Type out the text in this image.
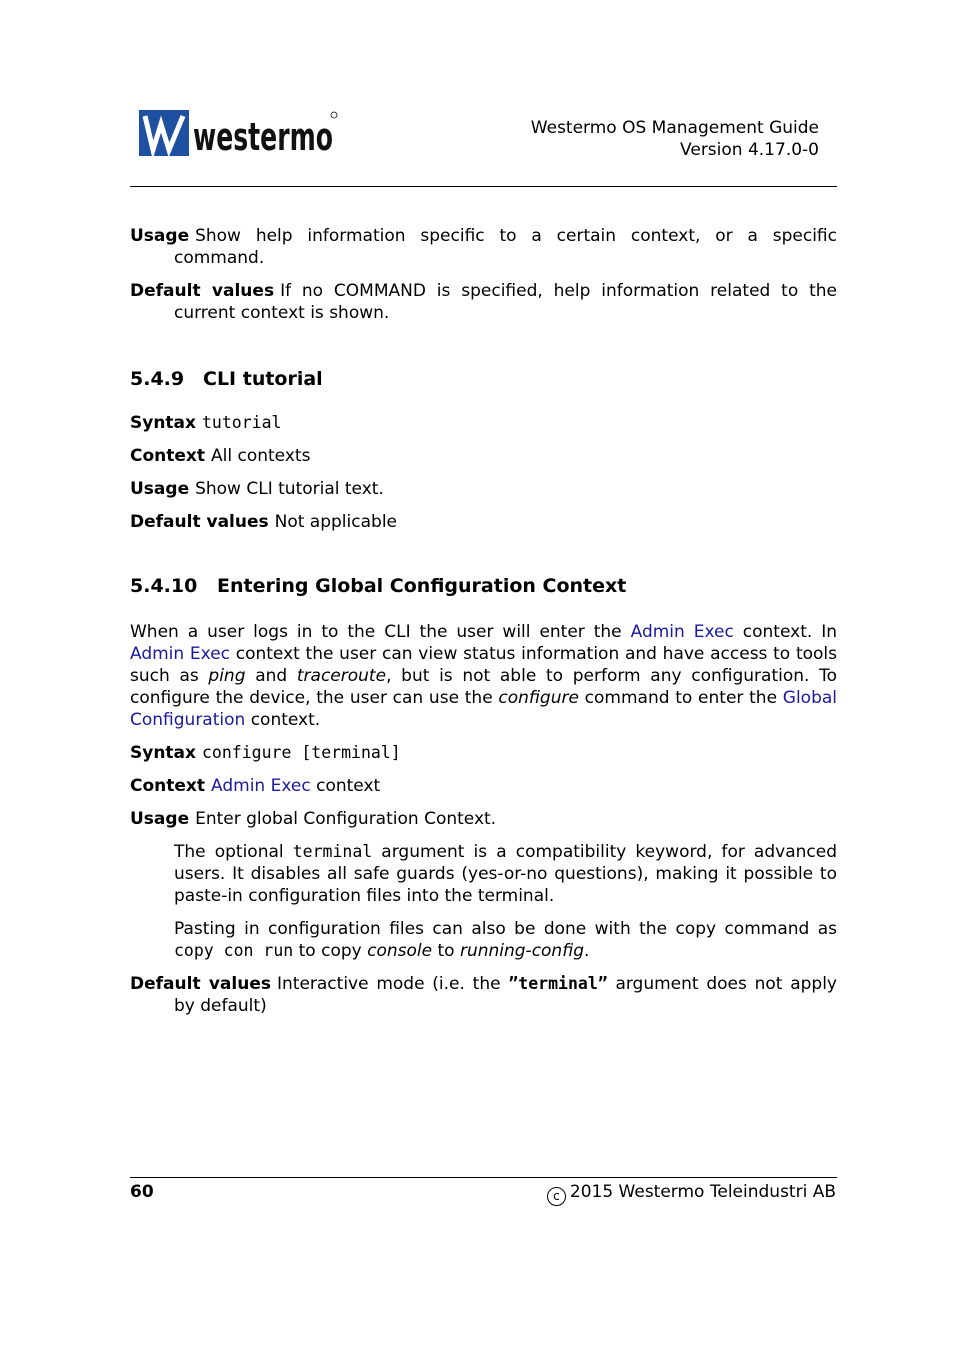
westermo	Westermo OS Management Guide
Version 4.17.0-0

Usage Show help information specific to a certain context, or a specific command.

Default values If no COMMAND is specified, help information related to the current context is shown.

5.4.9 CLI tutorial

Syntax tutorial

Context All contexts

Usage Show CLI tutorial text.

Default values Not applicable

5.4.10 Entering Global Configuration Context

When a user logs in to the CLI the user will enter the Admin Exec context. In Admin Exec context the user can view status information and have access to tools such as ping and traceroute, but is not able to perform any configuration. To configure the device, the user can use the configure command to enter the Global Configuration context.

Syntax configure [terminal]

Context Admin Exec context

Usage Enter global Configuration Context.

The optional terminal argument is a compatibility keyword, for advanced users. It disables all safe guards (yes-or-no questions), making it possible to paste-in configuration files into the terminal.

Pasting in configuration files can also be done with the copy command as copy con run to copy console to running-config.

Default values Interactive mode (i.e. the ”terminal” argument does not apply by default)

60	c 2015 Westermo Teleindustri AB
